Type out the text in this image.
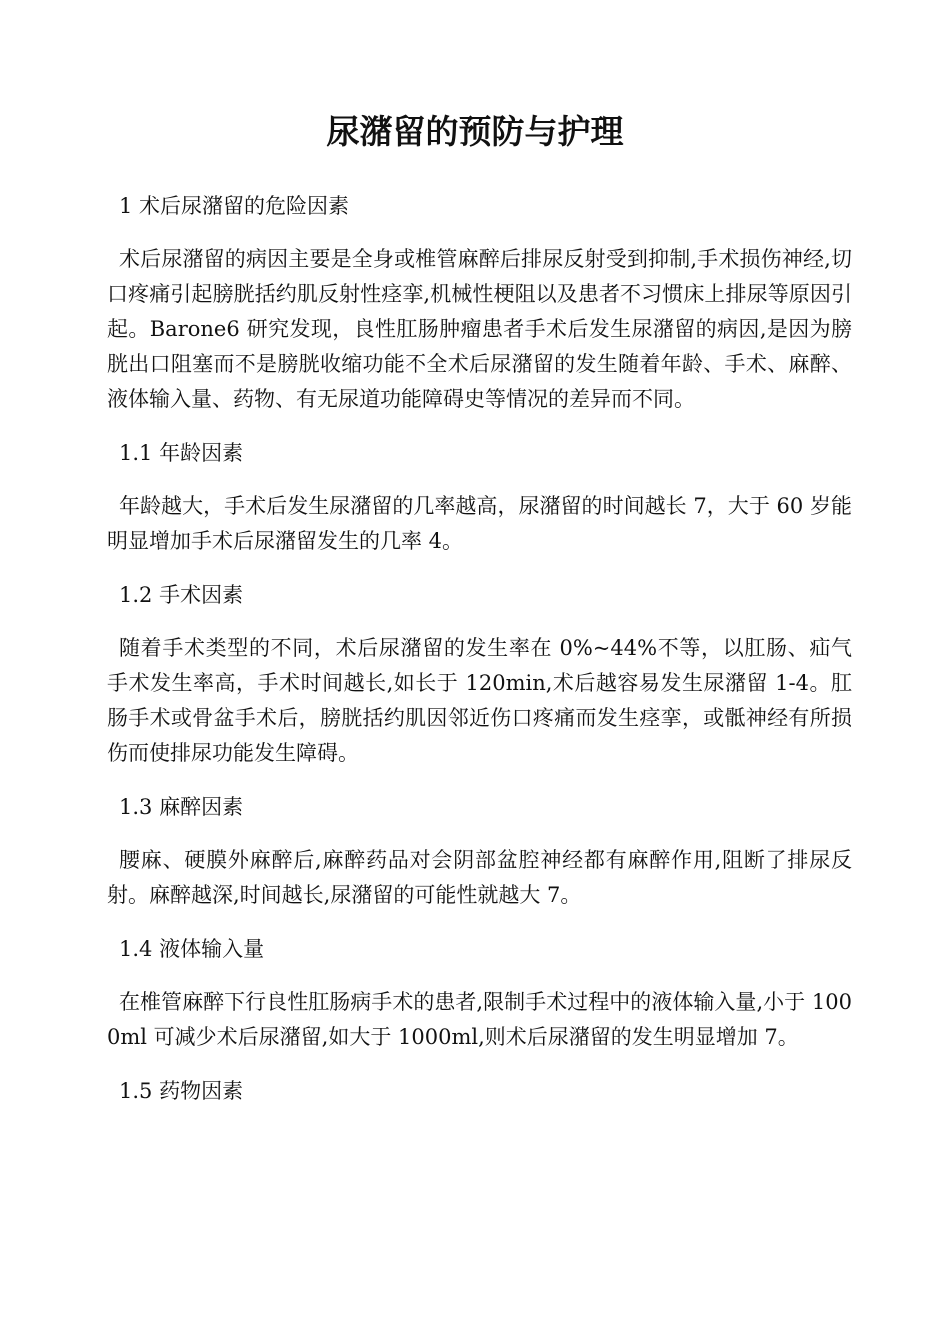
尿潴留的预防与护理
1 术后尿潴留的危险因素

术后尿潴留的病因主要是全身或椎管麻醉后排尿反射受到抑制,手术损伤神经,切口疼痛引起膀胱括约肌反射性痉挛,机械性梗阻以及患者不习惯床上排尿等原因引起。Barone6 研究发现，良性肛肠肿瘤患者手术后发生尿潴留的病因,是因为膀胱出口阻塞而不是膀胱收缩功能不全术后尿潴留的发生随着年龄、手术、麻醉、液体输入量、药物、有无尿道功能障碍史等情况的差异而不同。

1.1 年龄因素

年龄越大，手术后发生尿潴留的几率越高，尿潴留的时间越长 7，大于 60 岁能明显增加手术后尿潴留发生的几率 4。

1.2 手术因素

随着手术类型的不同，术后尿潴留的发生率在 0%~44%不等，以肛肠、疝气手术发生率高，手术时间越长,如长于 120min,术后越容易发生尿潴留 1-4。肛肠手术或骨盆手术后，膀胱括约肌因邻近伤口疼痛而发生痉挛，或骶神经有所损伤而使排尿功能发生障碍。

1.3 麻醉因素

腰麻、硬膜外麻醉后,麻醉药品对会阴部盆腔神经都有麻醉作用,阻断了排尿反射。麻醉越深,时间越长,尿潴留的可能性就越大 7。

1.4 液体输入量

在椎管麻醉下行良性肛肠病手术的患者,限制手术过程中的液体输入量,小于 1000ml 可减少术后尿潴留,如大于 1000ml,则术后尿潴留的发生明显增加 7。

1.5 药物因素
